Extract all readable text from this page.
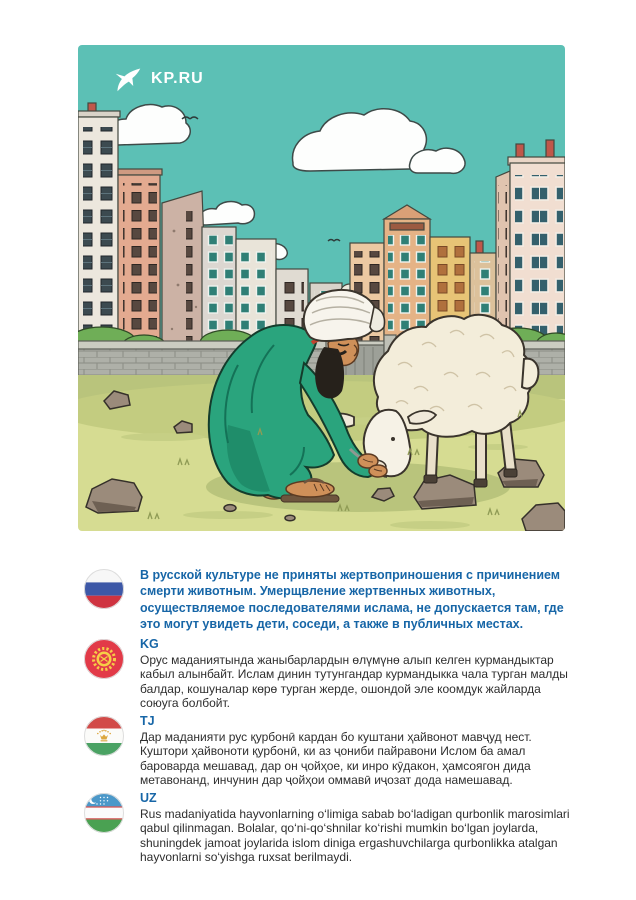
KP.RU

В русской культуре не приняты жертвоприношения с причинением смерти животным. Умерщвление жертвенных животных, осуществляемое последователями ислама, не допускается там, где это могут увидеть дети, соседи, а также в публичных местах.

KG

Орус маданиятында жаныбарлардын өлүмүнө алып келген курмандыктар кабыл алынбайт. Ислам динин тутунгандар курмандыкка чала турган малды балдар, кошуналар көрө турган жерде, ошондой эле коомдук жайларда союуга болбойт.

TJ

Дар маданияти рус қурбонӣ кардан бо куштани ҳайвонот мавҷуд нест. Куштори ҳайвоноти қурбонӣ, ки аз ҷониби пайравони Ислом ба амал бароварда мешавад, дар он ҷойҳое, ки инро кӯдакон, ҳамсоягон дида метавонанд, инчунин дар ҷойҳои оммавӣ иҷозат дода намешавад.

UZ

Rus madaniyatida hayvonlarning o‘limiga sabab bo‘ladigan qurbonlik marosimlari qabul qilinmagan. Bolalar, qo‘ni-qo‘shnilar ko‘rishi mumkin bo‘lgan joylarda, shuningdek jamoat joylarida islom diniga ergashuvchilarga qurbonlikka atalgan hayvonlarni so‘yishga ruxsat berilmaydi.
